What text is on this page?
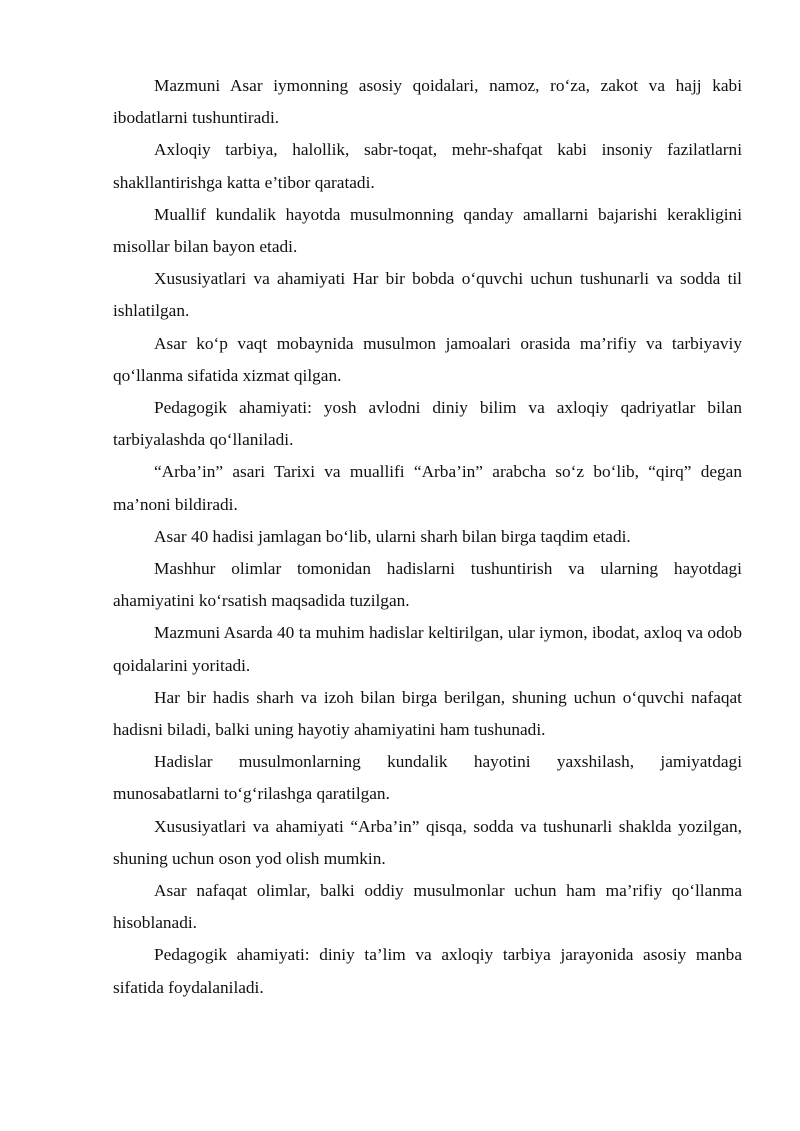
Mazmuni Asar iymonning asosiy qoidalari, namoz, ro‘za, zakot va hajj kabi ibodatlarni tushuntiradi.

Axloqiy tarbiya, halollik, sabr-toqat, mehr-shafqat kabi insoniy fazilatlarni shakllantirishga katta e’tibor qaratadi.

Muallif kundalik hayotda musulmonning qanday amallarni bajarishi kerakligini misollar bilan bayon etadi.

Xususiyatlari va ahamiyati Har bir bobda o‘quvchi uchun tushunarli va sodda til ishlatilgan.

Asar ko‘p vaqt mobaynida musulmon jamoalari orasida ma’rifiy va tarbiyaviy qo‘llanma sifatida xizmat qilgan.

Pedagogik ahamiyati: yosh avlodni diniy bilim va axloqiy qadriyatlar bilan tarbiyalashda qo‘llaniladi.

“Arba’in” asari Tarixi va muallifi “Arba’in” arabcha so‘z bo‘lib, “qirq” degan ma’noni bildiradi.

Asar 40 hadisi jamlagan bo‘lib, ularni sharh bilan birga taqdim etadi.

Mashhur olimlar tomonidan hadislarni tushuntirish va ularning hayotdagi ahamiyatini ko‘rsatish maqsadida tuzilgan.

Mazmuni Asarda 40 ta muhim hadislar keltirilgan, ular iymon, ibodat, axloq va odob qoidalarini yoritadi.

Har bir hadis sharh va izoh bilan birga berilgan, shuning uchun o‘quvchi nafaqat hadisni biladi, balki uning hayotiy ahamiyatini ham tushunadi.

Hadislar musulmonlarning kundalik hayotini yaxshilash, jamiyatdagi munosabatlarni to‘g‘rilashga qaratilgan.

Xususiyatlari va ahamiyati “Arba’in” qisqa, sodda va tushunarli shaklda yozilgan, shuning uchun oson yod olish mumkin.

Asar nafaqat olimlar, balki oddiy musulmonlar uchun ham ma’rifiy qo‘llanma hisoblanadi.

Pedagogik ahamiyati: diniy ta’lim va axloqiy tarbiya jarayonida asosiy manba sifatida foydalaniladi.
